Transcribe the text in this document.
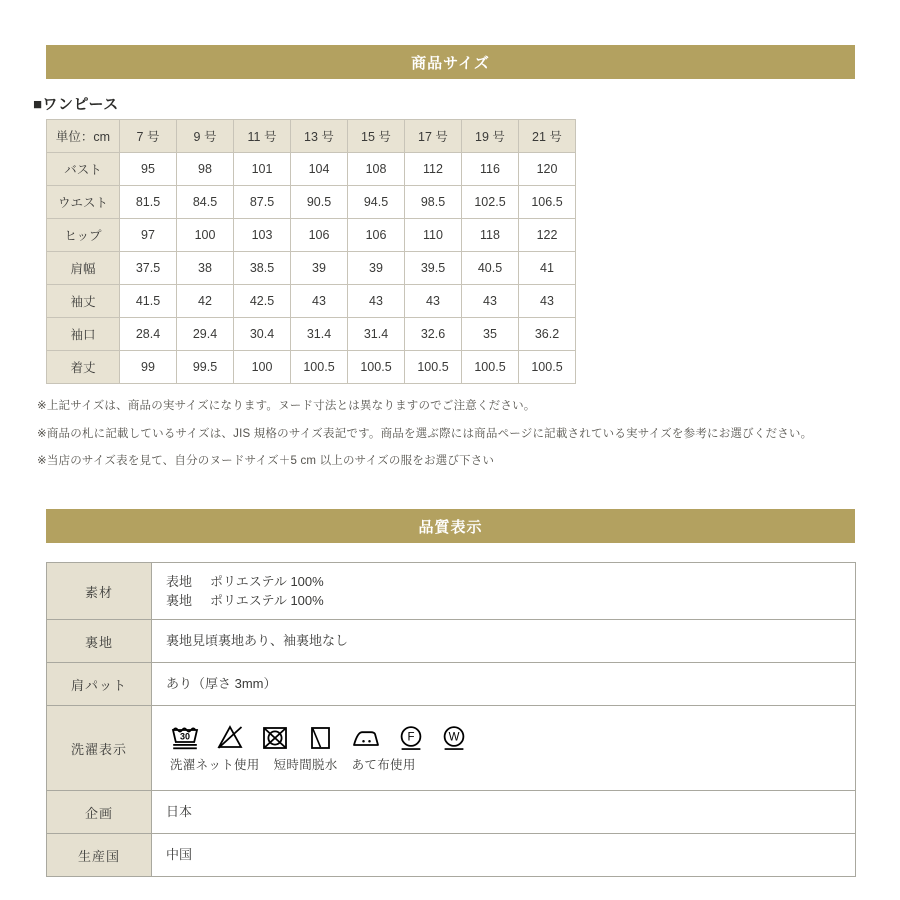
商品サイズ
■ワンピース
単位：cm	7 号	9 号	11 号	13 号	15 号	17 号	19 号	21 号
バスト	95	98	101	104	108	112	116	120
ウエスト	81.5	84.5	87.5	90.5	94.5	98.5	102.5	106.5
ヒップ	97	100	103	106	106	110	118	122
肩幅	37.5	38	38.5	39	39	39.5	40.5	41
袖丈	41.5	42	42.5	43	43	43	43	43
袖口	28.4	29.4	30.4	31.4	31.4	32.6	35	36.2
着丈	99	99.5	100	100.5	100.5	100.5	100.5	100.5
※上記サイズは、商品の実サイズになります。ヌード寸法とは異なりますのでご注意ください。
※商品の札に記載しているサイズは、JIS 規格のサイズ表記です。商品を選ぶ際には商品ページに記載されている実サイズを参考にお選びください。
※当店のサイズ表を見て、自分のヌードサイズ＋5 cm 以上のサイズの服をお選び下さい
品質表示
素材	表地 ポリエステル 100%
裏地 ポリエステル 100%

裏地	裏地見頃裏地あり、袖裏地なし
肩パット	あり（厚さ 3mm）
洗濯表示	30 F W
洗濯ネット使用 短時間脱水 あて布使用

企画	日本
生産国	中国
